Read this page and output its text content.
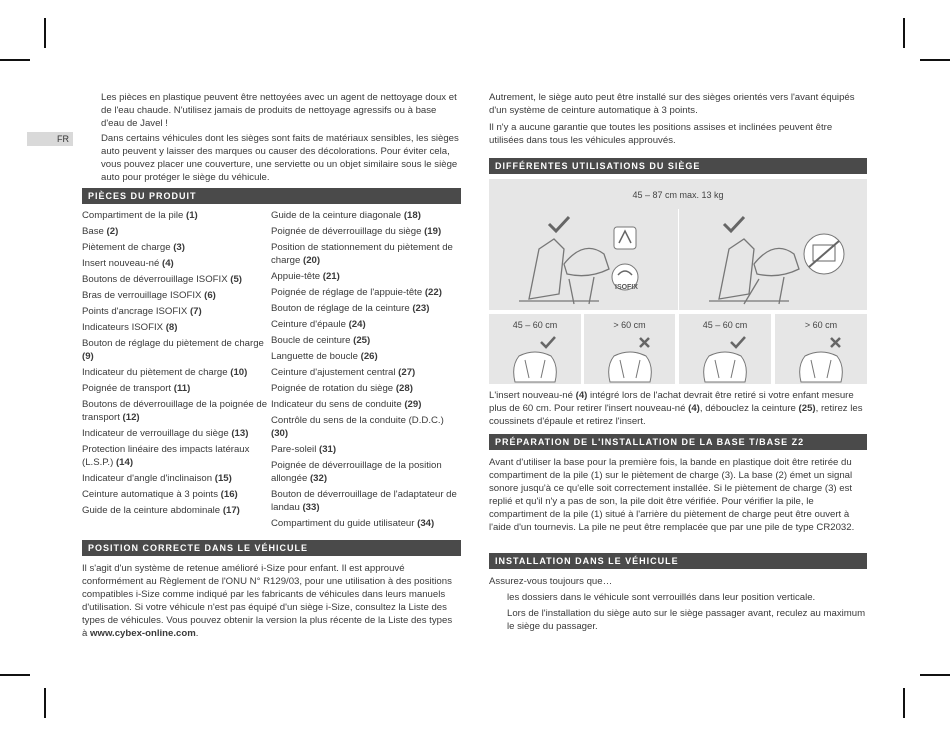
FR
Les pièces en plastique peuvent être nettoyées avec un agent de nettoyage doux et de l'eau chaude. N'utilisez jamais de produits de nettoyage agressifs ou à base d'eau de Javel !
Dans certains véhicules dont les sièges sont faits de matériaux sensibles, les sièges auto peuvent y laisser des marques ou causer des décolorations. Pour éviter cela, vous pouvez placer une couverture, une serviette ou un objet similaire sous le siège auto pour protéger le siège du véhicule.
PIÈCES DU PRODUIT
Compartiment de la pile (1)
Base (2)
Piètement de charge (3)
Insert nouveau-né (4)
Boutons de déverrouillage ISOFIX (5)
Bras de verrouillage ISOFIX (6)
Points d'ancrage ISOFIX (7)
Indicateurs ISOFIX (8)
Bouton de réglage du piètement de charge (9)
Indicateur du piètement de charge (10)
Poignée de transport (11)
Boutons de déverrouillage de la poignée de transport (12)
Indicateur de verrouillage du siège (13)
Protection linéaire des impacts latéraux (L.S.P.) (14)
Indicateur d'angle d'inclinaison (15)
Ceinture automatique à 3 points (16)
Guide de la ceinture abdominale (17)
Guide de la ceinture diagonale (18)
Poignée de déverrouillage du siège (19)
Position de stationnement du piètement de charge (20)
Appuie-tête (21)
Poignée de réglage de l'appuie-tête (22)
Bouton de réglage de la ceinture (23)
Ceinture d'épaule (24)
Boucle de ceinture (25)
Languette de boucle (26)
Ceinture d'ajustement central (27)
Poignée de rotation du siège (28)
Indicateur du sens de conduite (29)
Contrôle du sens de la conduite (D.D.C.) (30)
Pare-soleil (31)
Poignée de déverrouillage de la position allongée (32)
Bouton de déverrouillage de l'adaptateur de landau (33)
Compartiment du guide utilisateur (34)
POSITION CORRECTE DANS LE VÉHICULE
Il s'agit d'un système de retenue amélioré i-Size pour enfant. Il est approuvé conformément au Règlement de l'ONU N° R129/03, pour une utilisation à des positions compatibles i-Size comme indiqué par les fabricants de véhicules dans leurs manuels d'utilisation. Si votre véhicule n'est pas équipé d'un siège i-Size, consultez la Liste des types de véhicules. Vous pouvez obtenir la version la plus récente de la Liste des types à www.cybex-online.com.
Autrement, le siège auto peut être installé sur des sièges orientés vers l'avant équipés d'un système de ceinture automatique à 3 points.
Il n'y a aucune garantie que toutes les positions assises et inclinées peuvent être utilisées dans tous les véhicules approuvés.
DIFFÉRENTES UTILISATIONS DU SIÈGE
45 – 87 cm max. 13 kg
ISOFIX
45 – 60 cm	> 60 cm	45 – 60 cm	> 60 cm
L'insert nouveau-né (4) intégré lors de l'achat devrait être retiré si votre enfant mesure plus de 60 cm. Pour retirer l'insert nouveau-né (4), débouclez la ceinture (25), retirez les coussinets d'épaule et retirez l'insert.
PRÉPARATION DE L'INSTALLATION DE LA BASE T/BASE Z2
Avant d'utiliser la base pour la première fois, la bande en plastique doit être retirée du compartiment de la pile (1) sur le piètement de charge (3). La base (2) émet un signal sonore jusqu'à ce qu'elle soit correctement installée. Si le piètement de charge (3) est replié et qu'il n'y a pas de son, la pile doit être vérifiée. Pour vérifier la pile, le compartiment de la pile (1) situé à l'arrière du piètement de charge peut être ouvert à l'aide d'un tournevis. La pile ne peut être remplacée que par une pile de type CR2032.
INSTALLATION DANS LE VÉHICULE
Assurez-vous toujours que…
les dossiers dans le véhicule sont verrouillés dans leur position verticale.
Lors de l'installation du siège auto sur le siège passager avant, reculez au maximum le siège du passager.
